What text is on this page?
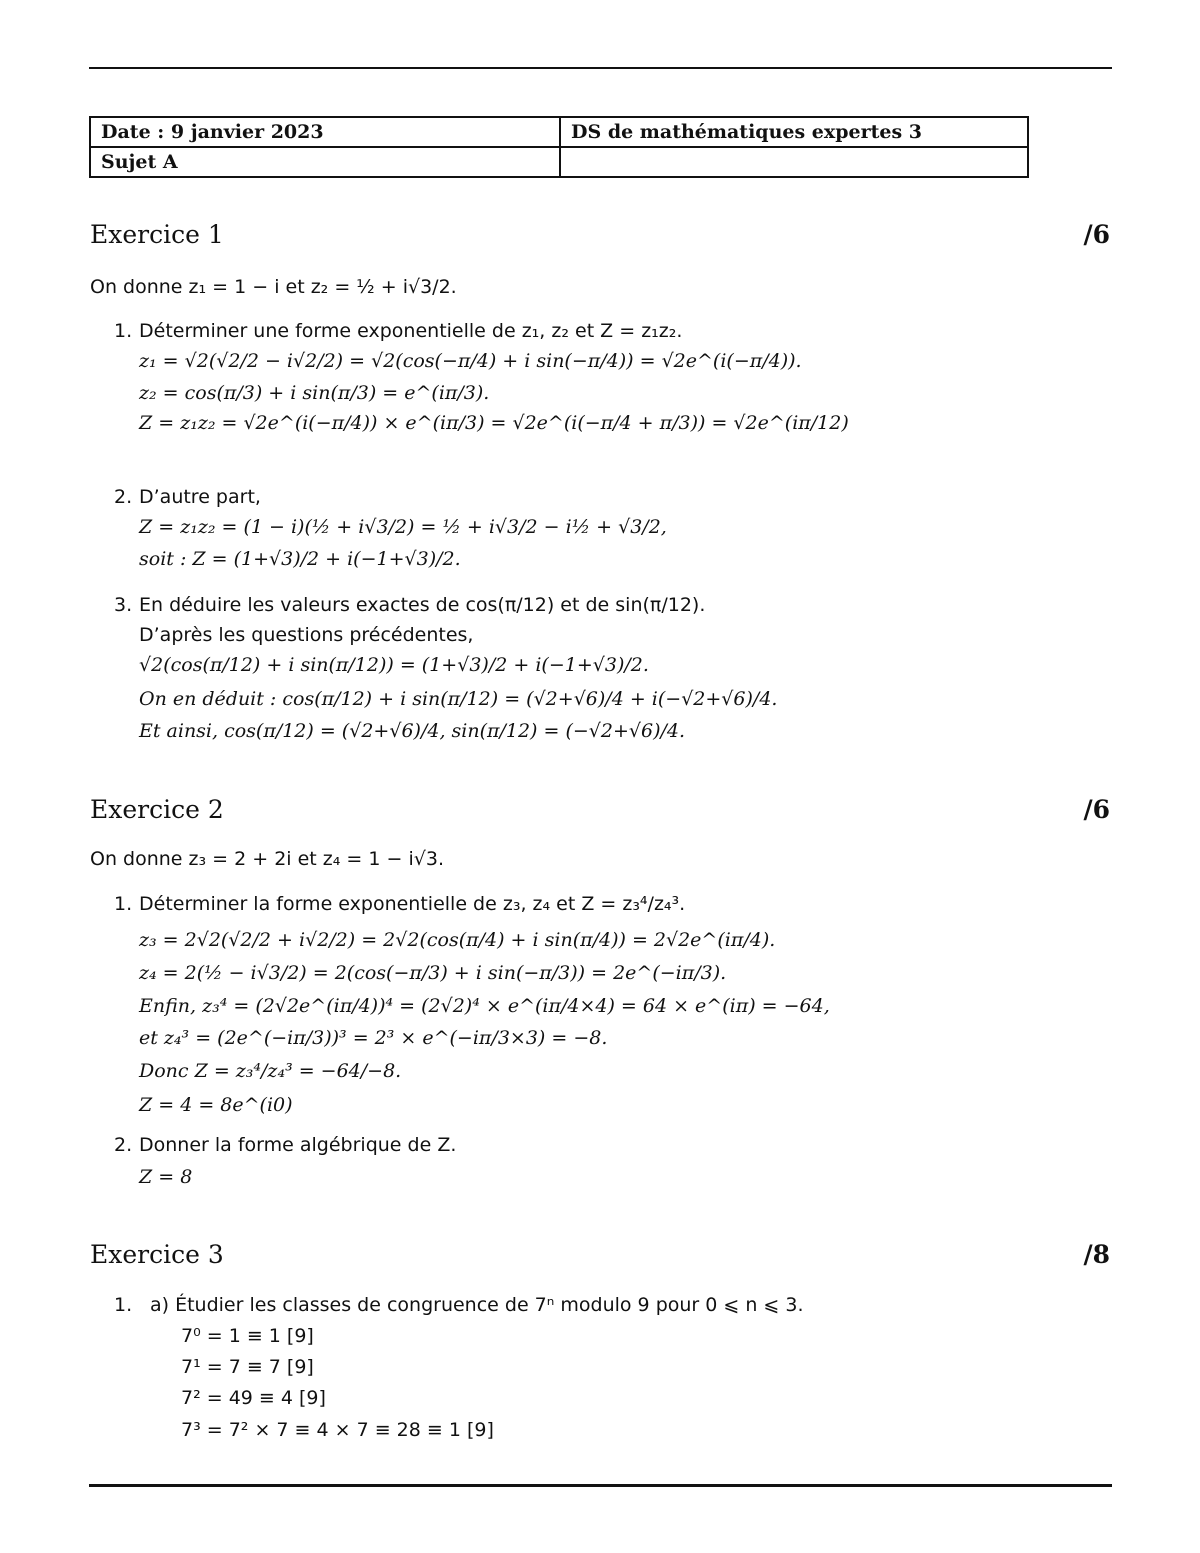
Date : 9 janvier 2023	DS de mathématiques expertes 3
Sujet A	
Exercice 1	/6
On donne z₁ = 1 − i et z₂ = ½ + i√3/2.
1. Déterminer une forme exponentielle de z₁, z₂ et Z = z₁z₂.
z₁ = √2(√2/2 − i√2/2) = √2(cos(−π/4) + i sin(−π/4)) = √2e^(i(−π/4)).
z₂ = cos(π/3) + i sin(π/3) = e^(iπ/3).
Z = z₁z₂ = √2e^(i(−π/4)) × e^(iπ/3) = √2e^(i(−π/4 + π/3)) = √2e^(iπ/12)
2. D’autre part,
Z = z₁z₂ = (1 − i)(½ + i√3/2) = ½ + i√3/2 − i½ + √3/2,
soit : Z = (1+√3)/2 + i(−1+√3)/2.
3. En déduire les valeurs exactes de cos(π/12) et de sin(π/12).
D’après les questions précédentes,
√2(cos(π/12) + i sin(π/12)) = (1+√3)/2 + i(−1+√3)/2.
On en déduit : cos(π/12) + i sin(π/12) = (√2+√6)/4 + i(−√2+√6)/4.
Et ainsi, cos(π/12) = (√2+√6)/4, sin(π/12) = (−√2+√6)/4.
Exercice 2	/6
On donne z₃ = 2 + 2i et z₄ = 1 − i√3.
1. Déterminer la forme exponentielle de z₃, z₄ et Z = z₃⁴/z₄³.
z₃ = 2√2(√2/2 + i√2/2) = 2√2(cos(π/4) + i sin(π/4)) = 2√2e^(iπ/4).
z₄ = 2(½ − i√3/2) = 2(cos(−π/3) + i sin(−π/3)) = 2e^(−iπ/3).
Enfin, z₃⁴ = (2√2e^(iπ/4))⁴ = (2√2)⁴ × e^(iπ/4×4) = 64 × e^(iπ) = −64,
et z₄³ = (2e^(−iπ/3))³ = 2³ × e^(−iπ/3×3) = −8.
Donc Z = z₃⁴/z₄³ = −64/−8.
Z = 4 = 8e^(i0)
2. Donner la forme algébrique de Z.
Z = 8
Exercice 3	/8
1. a) Étudier les classes de congruence de 7ⁿ modulo 9 pour 0 ⩽ n ⩽ 3.
7⁰ = 1 ≡ 1 [9]
7¹ = 7 ≡ 7 [9]
7² = 49 ≡ 4 [9]
7³ = 7² × 7 ≡ 4 × 7 ≡ 28 ≡ 1 [9]
